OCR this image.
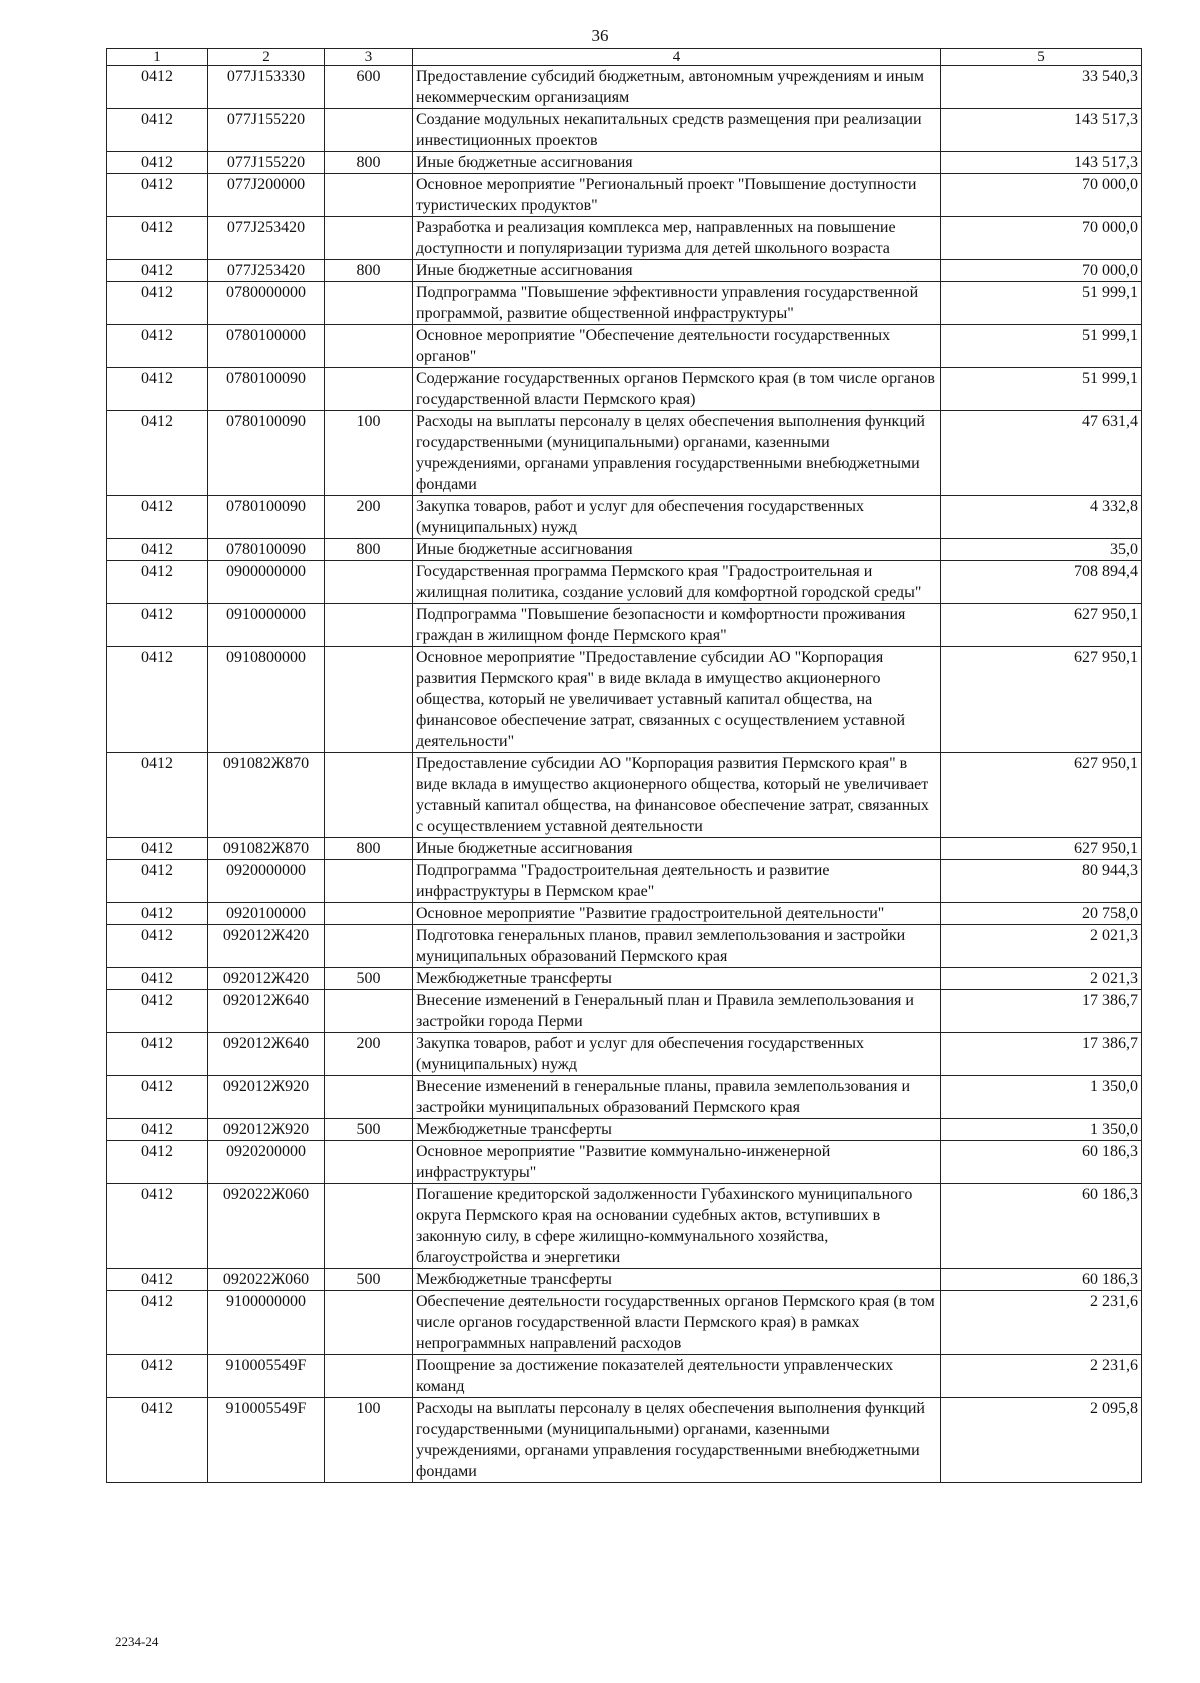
36
1	2	3	4	5
0412	077J153330	600	Предоставление субсидий бюджетным, автономным учреждениям и иным некоммерческим организациям	33 540,3
0412	077J155220		Создание модульных некапитальных средств размещения при реализации инвестиционных проектов	143 517,3
0412	077J155220	800	Иные бюджетные ассигнования	143 517,3
0412	077J200000		Основное мероприятие "Региональный проект "Повышение доступности туристических продуктов"	70 000,0
0412	077J253420		Разработка и реализация комплекса мер, направленных на повышение доступности и популяризации туризма для детей школьного возраста	70 000,0
0412	077J253420	800	Иные бюджетные ассигнования	70 000,0
0412	0780000000		Подпрограмма "Повышение эффективности управления государственной программой, развитие общественной инфраструктуры"	51 999,1
0412	0780100000		Основное мероприятие "Обеспечение деятельности государственных органов"	51 999,1
0412	0780100090		Содержание государственных органов Пермского края (в том числе органов государственной власти Пермского края)	51 999,1
0412	0780100090	100	Расходы на выплаты персоналу в целях обеспечения выполнения функций государственными (муниципальными) органами, казенными учреждениями, органами управления государственными внебюджетными фондами	47 631,4
0412	0780100090	200	Закупка товаров, работ и услуг для обеспечения государственных (муниципальных) нужд	4 332,8
0412	0780100090	800	Иные бюджетные ассигнования	35,0
0412	0900000000		Государственная программа Пермского края "Градостроительная и жилищная политика, создание условий для комфортной городской среды"	708 894,4
0412	0910000000		Подпрограмма "Повышение безопасности и комфортности проживания граждан в жилищном фонде Пермского края"	627 950,1
0412	0910800000		Основное мероприятие "Предоставление субсидии АО "Корпорация развития Пермского края" в виде вклада в имущество акционерного общества, который не увеличивает уставный капитал общества, на финансовое обеспечение затрат, связанных с осуществлением уставной деятельности"	627 950,1
0412	091082Ж870		Предоставление субсидии АО "Корпорация развития Пермского края" в виде вклада в имущество акционерного общества, который не увеличивает уставный капитал общества, на финансовое обеспечение затрат, связанных с осуществлением уставной деятельности	627 950,1
0412	091082Ж870	800	Иные бюджетные ассигнования	627 950,1
0412	0920000000		Подпрограмма "Градостроительная деятельность и развитие инфраструктуры в Пермском крае"	80 944,3
0412	0920100000		Основное мероприятие "Развитие градостроительной деятельности"	20 758,0
0412	092012Ж420		Подготовка генеральных планов, правил землепользования и застройки муниципальных образований Пермского края	2 021,3
0412	092012Ж420	500	Межбюджетные трансферты	2 021,3
0412	092012Ж640		Внесение изменений в Генеральный план и Правила землепользования и застройки города Перми	17 386,7
0412	092012Ж640	200	Закупка товаров, работ и услуг для обеспечения государственных (муниципальных) нужд	17 386,7
0412	092012Ж920		Внесение изменений в генеральные планы, правила землепользования и застройки муниципальных образований Пермского края	1 350,0
0412	092012Ж920	500	Межбюджетные трансферты	1 350,0
0412	0920200000		Основное мероприятие "Развитие коммунально-инженерной инфраструктуры"	60 186,3
0412	092022Ж060		Погашение кредиторской задолженности Губахинского муниципального округа Пермского края на основании судебных актов, вступивших в законную силу, в сфере жилищно-коммунального хозяйства, благоустройства и энергетики	60 186,3
0412	092022Ж060	500	Межбюджетные трансферты	60 186,3
0412	9100000000		Обеспечение деятельности государственных органов Пермского края (в том числе органов государственной власти Пермского края) в рамках непрограммных направлений расходов	2 231,6
0412	910005549F		Поощрение за достижение показателей деятельности управленческих команд	2 231,6
0412	910005549F	100	Расходы на выплаты персоналу в целях обеспечения выполнения функций государственными (муниципальными) органами, казенными учреждениями, органами управления государственными внебюджетными фондами	2 095,8
2234-24
